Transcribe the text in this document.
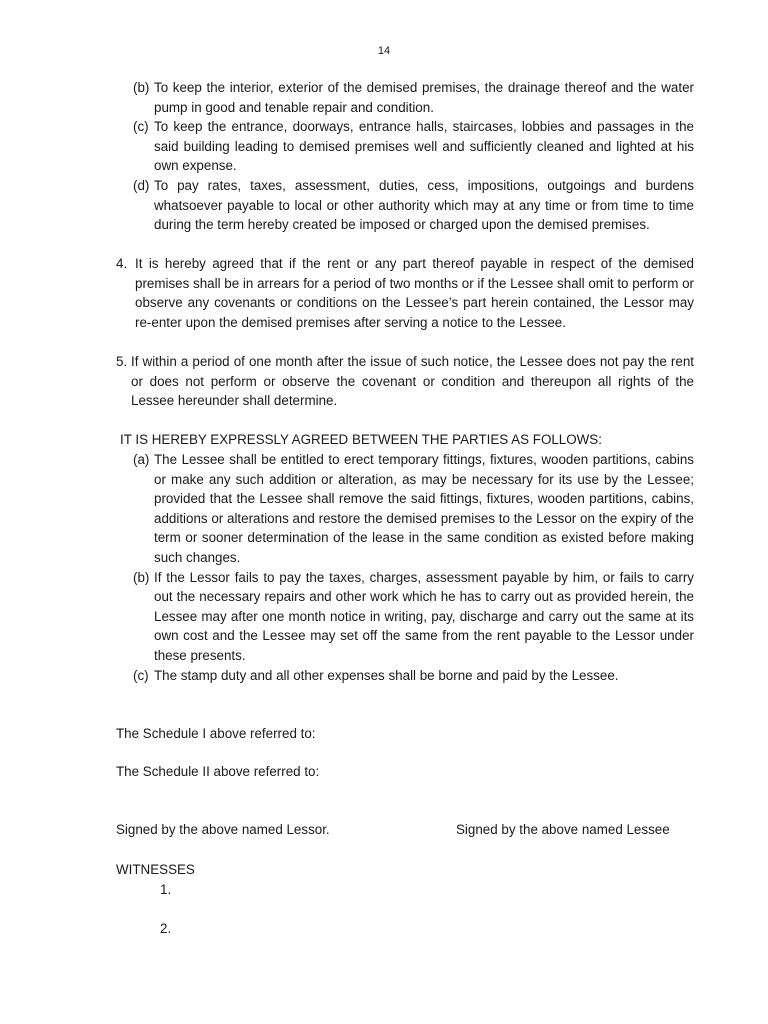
14
(b) To keep the interior, exterior of the demised premises, the drainage thereof and the water pump in good and tenable repair and condition.
(c) To keep the entrance, doorways, entrance halls, staircases, lobbies and passages in the said building leading to demised premises well and sufficiently cleaned and lighted at his own expense.
(d) To pay rates, taxes, assessment, duties, cess, impositions, outgoings and burdens whatsoever payable to local or other authority which may at any time or from time to time during the term hereby created be imposed or charged upon the demised premises.
4. It is hereby agreed that if the rent or any part thereof payable in respect of the demised premises shall be in arrears for a period of two months or if the Lessee shall omit to perform or observe any covenants or conditions on the Lessee’s part herein contained, the Lessor may re-enter upon the demised premises after serving a notice to the Lessee.
5. If within a period of one month after the issue of such notice, the Lessee does not pay the rent or does not perform or observe the covenant or condition and thereupon all rights of the Lessee hereunder shall determine.
IT IS HEREBY EXPRESSLY AGREED BETWEEN THE PARTIES AS FOLLOWS:
(a) The Lessee shall be entitled to erect temporary fittings, fixtures, wooden partitions, cabins or make any such addition or alteration, as may be necessary for its use by the Lessee; provided that the Lessee shall remove the said fittings, fixtures, wooden partitions, cabins, additions or alterations and restore the demised premises to the Lessor on the expiry of the term or sooner determination of the lease in the same condition as existed before making such changes.
(b) If the Lessor fails to pay the taxes, charges, assessment payable by him, or fails to carry out the necessary repairs and other work which he has to carry out as provided herein, the Lessee may after one month notice in writing, pay, discharge and carry out the same at its own cost and the Lessee may set off the same from the rent payable to the Lessor under these presents.
(c) The stamp duty and all other expenses shall be borne and paid by the Lessee.
The Schedule I above referred to:
The Schedule II above referred to:
Signed by the above named Lessor.	Signed by the above named Lessee
WITNESSES
1.
2.
